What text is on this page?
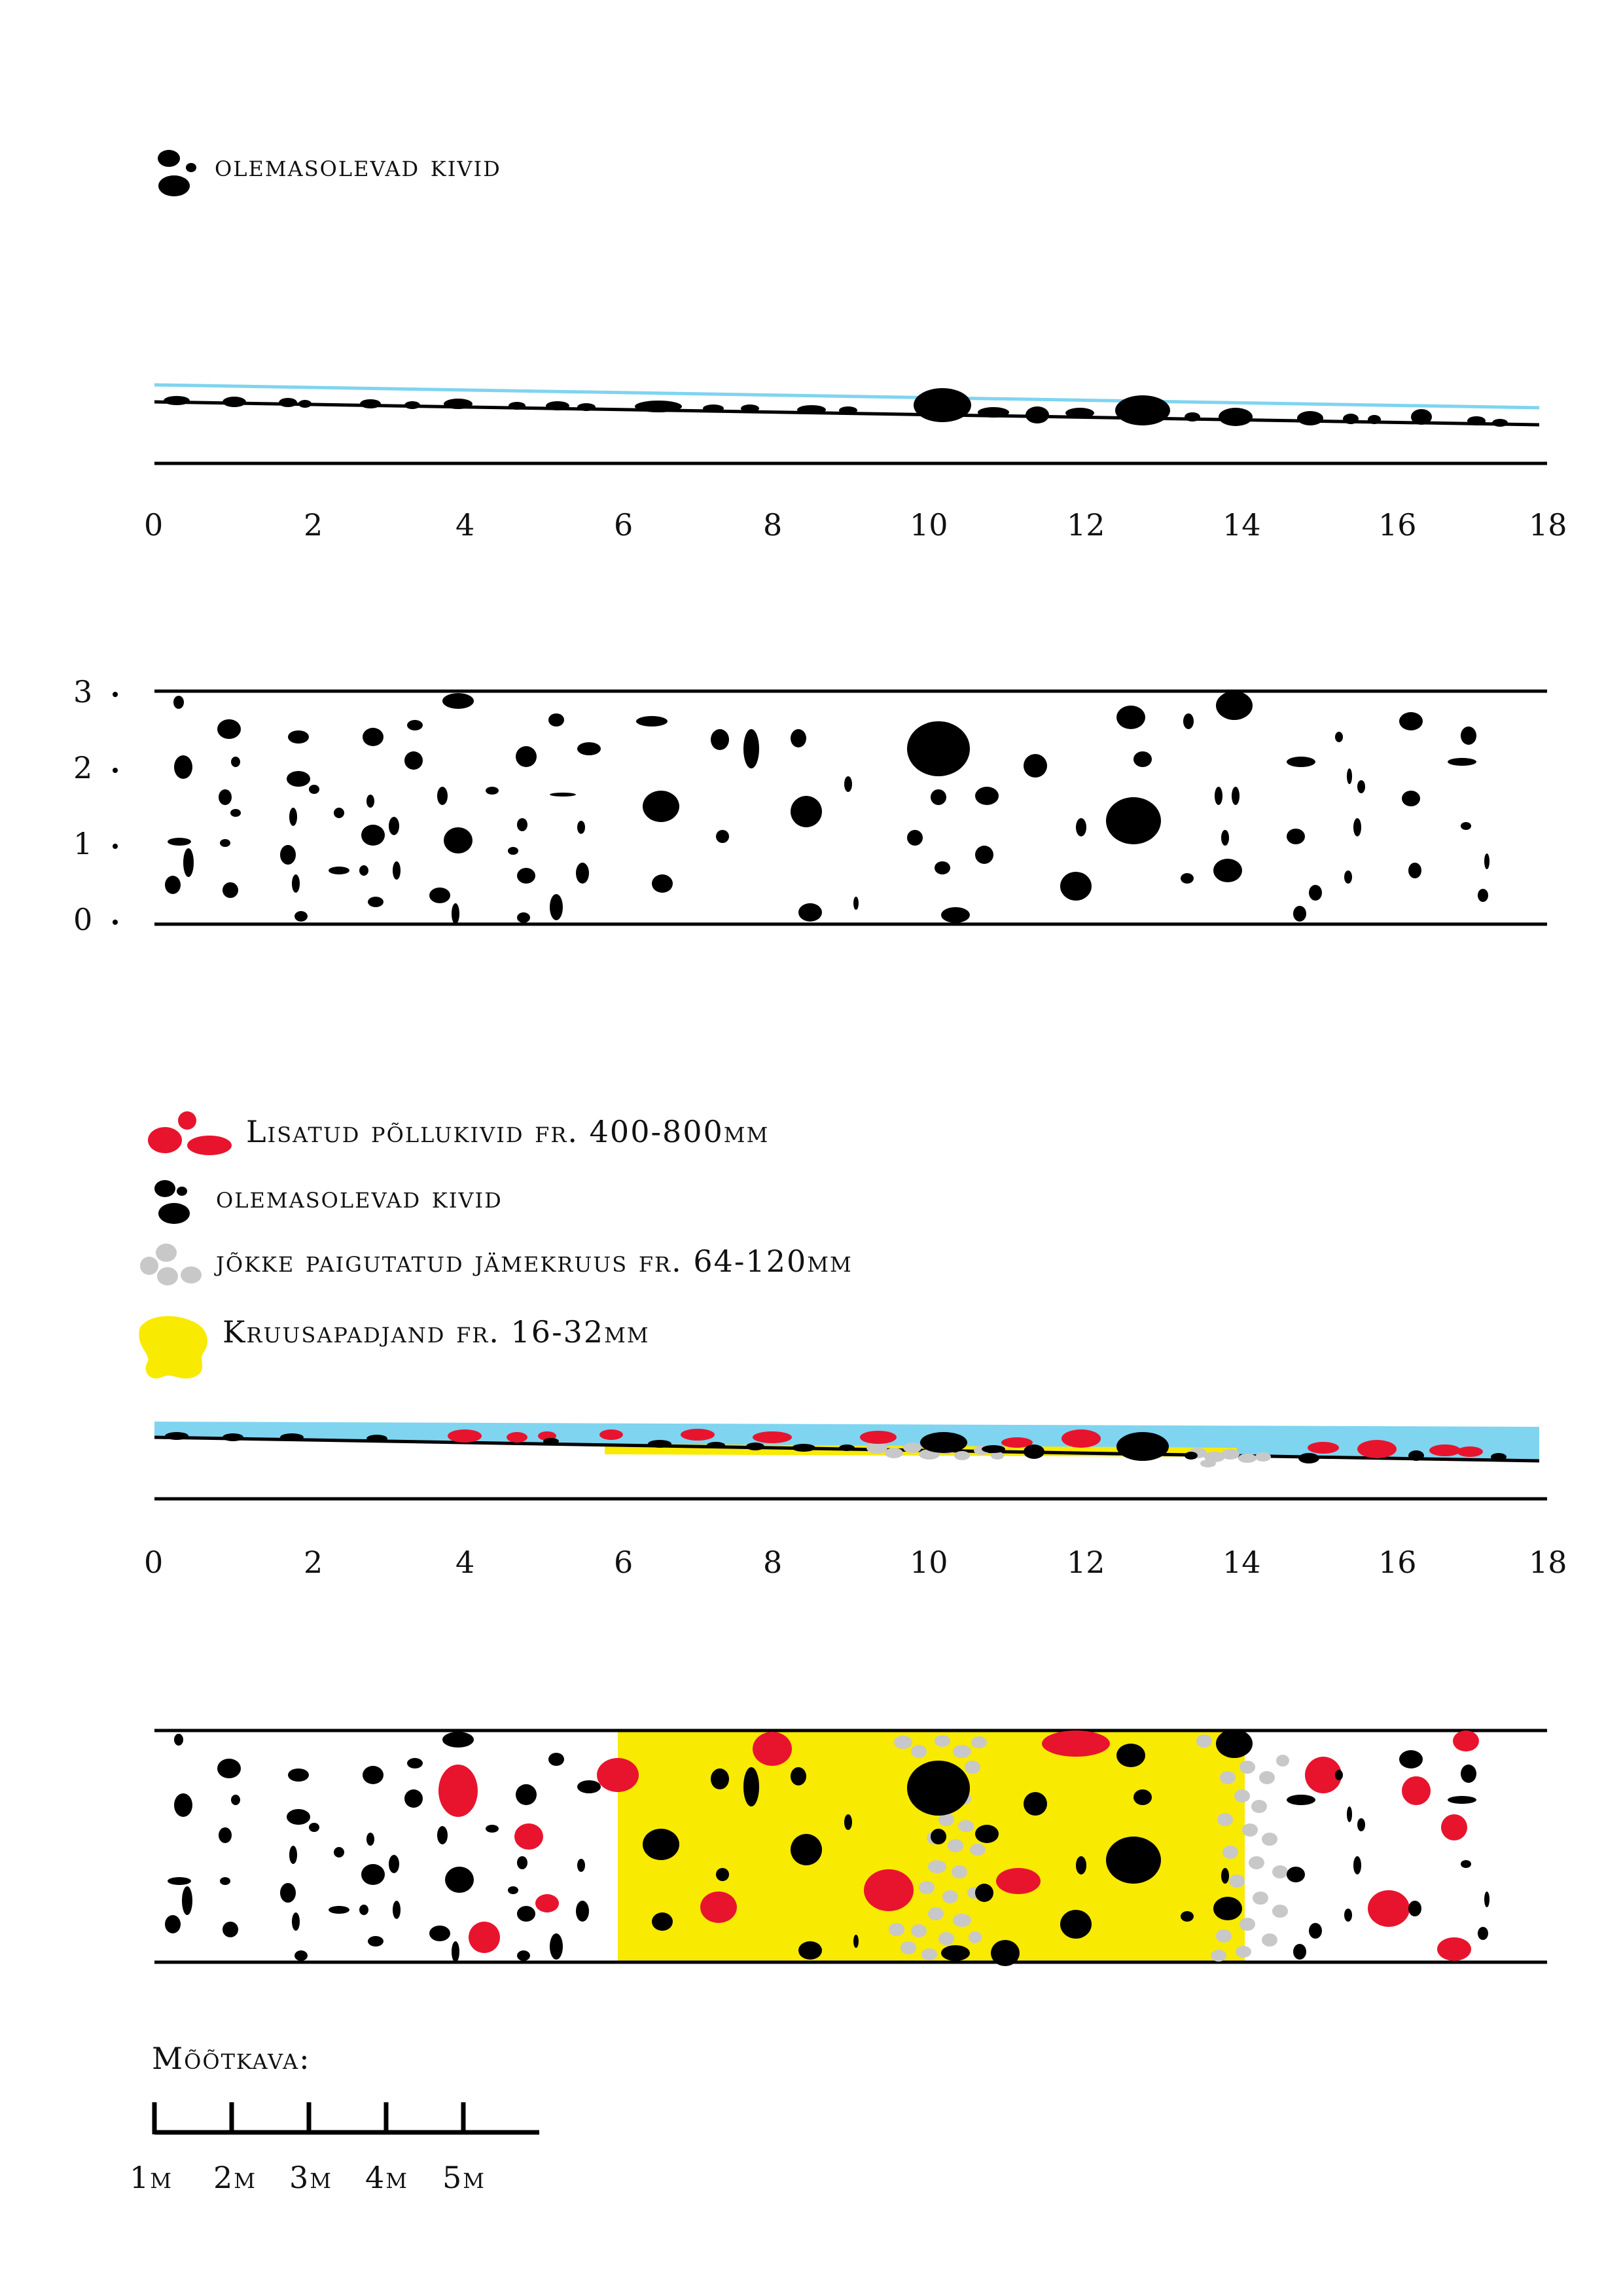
olemasolevad kivid
0	2	4	6	8	10	12	14	16	18
3
2
1
0
Lisatud põllukivid fr. 400-800mm
olemasolevad kivid
jõkke paigutatud jämekruus fr. 64-120mm
Kruusapadjand fr. 16-32mm
0	2	4	6	8	10	12	14	16	18
Mõõtkava:
1m 2m 3m 4m 5m
